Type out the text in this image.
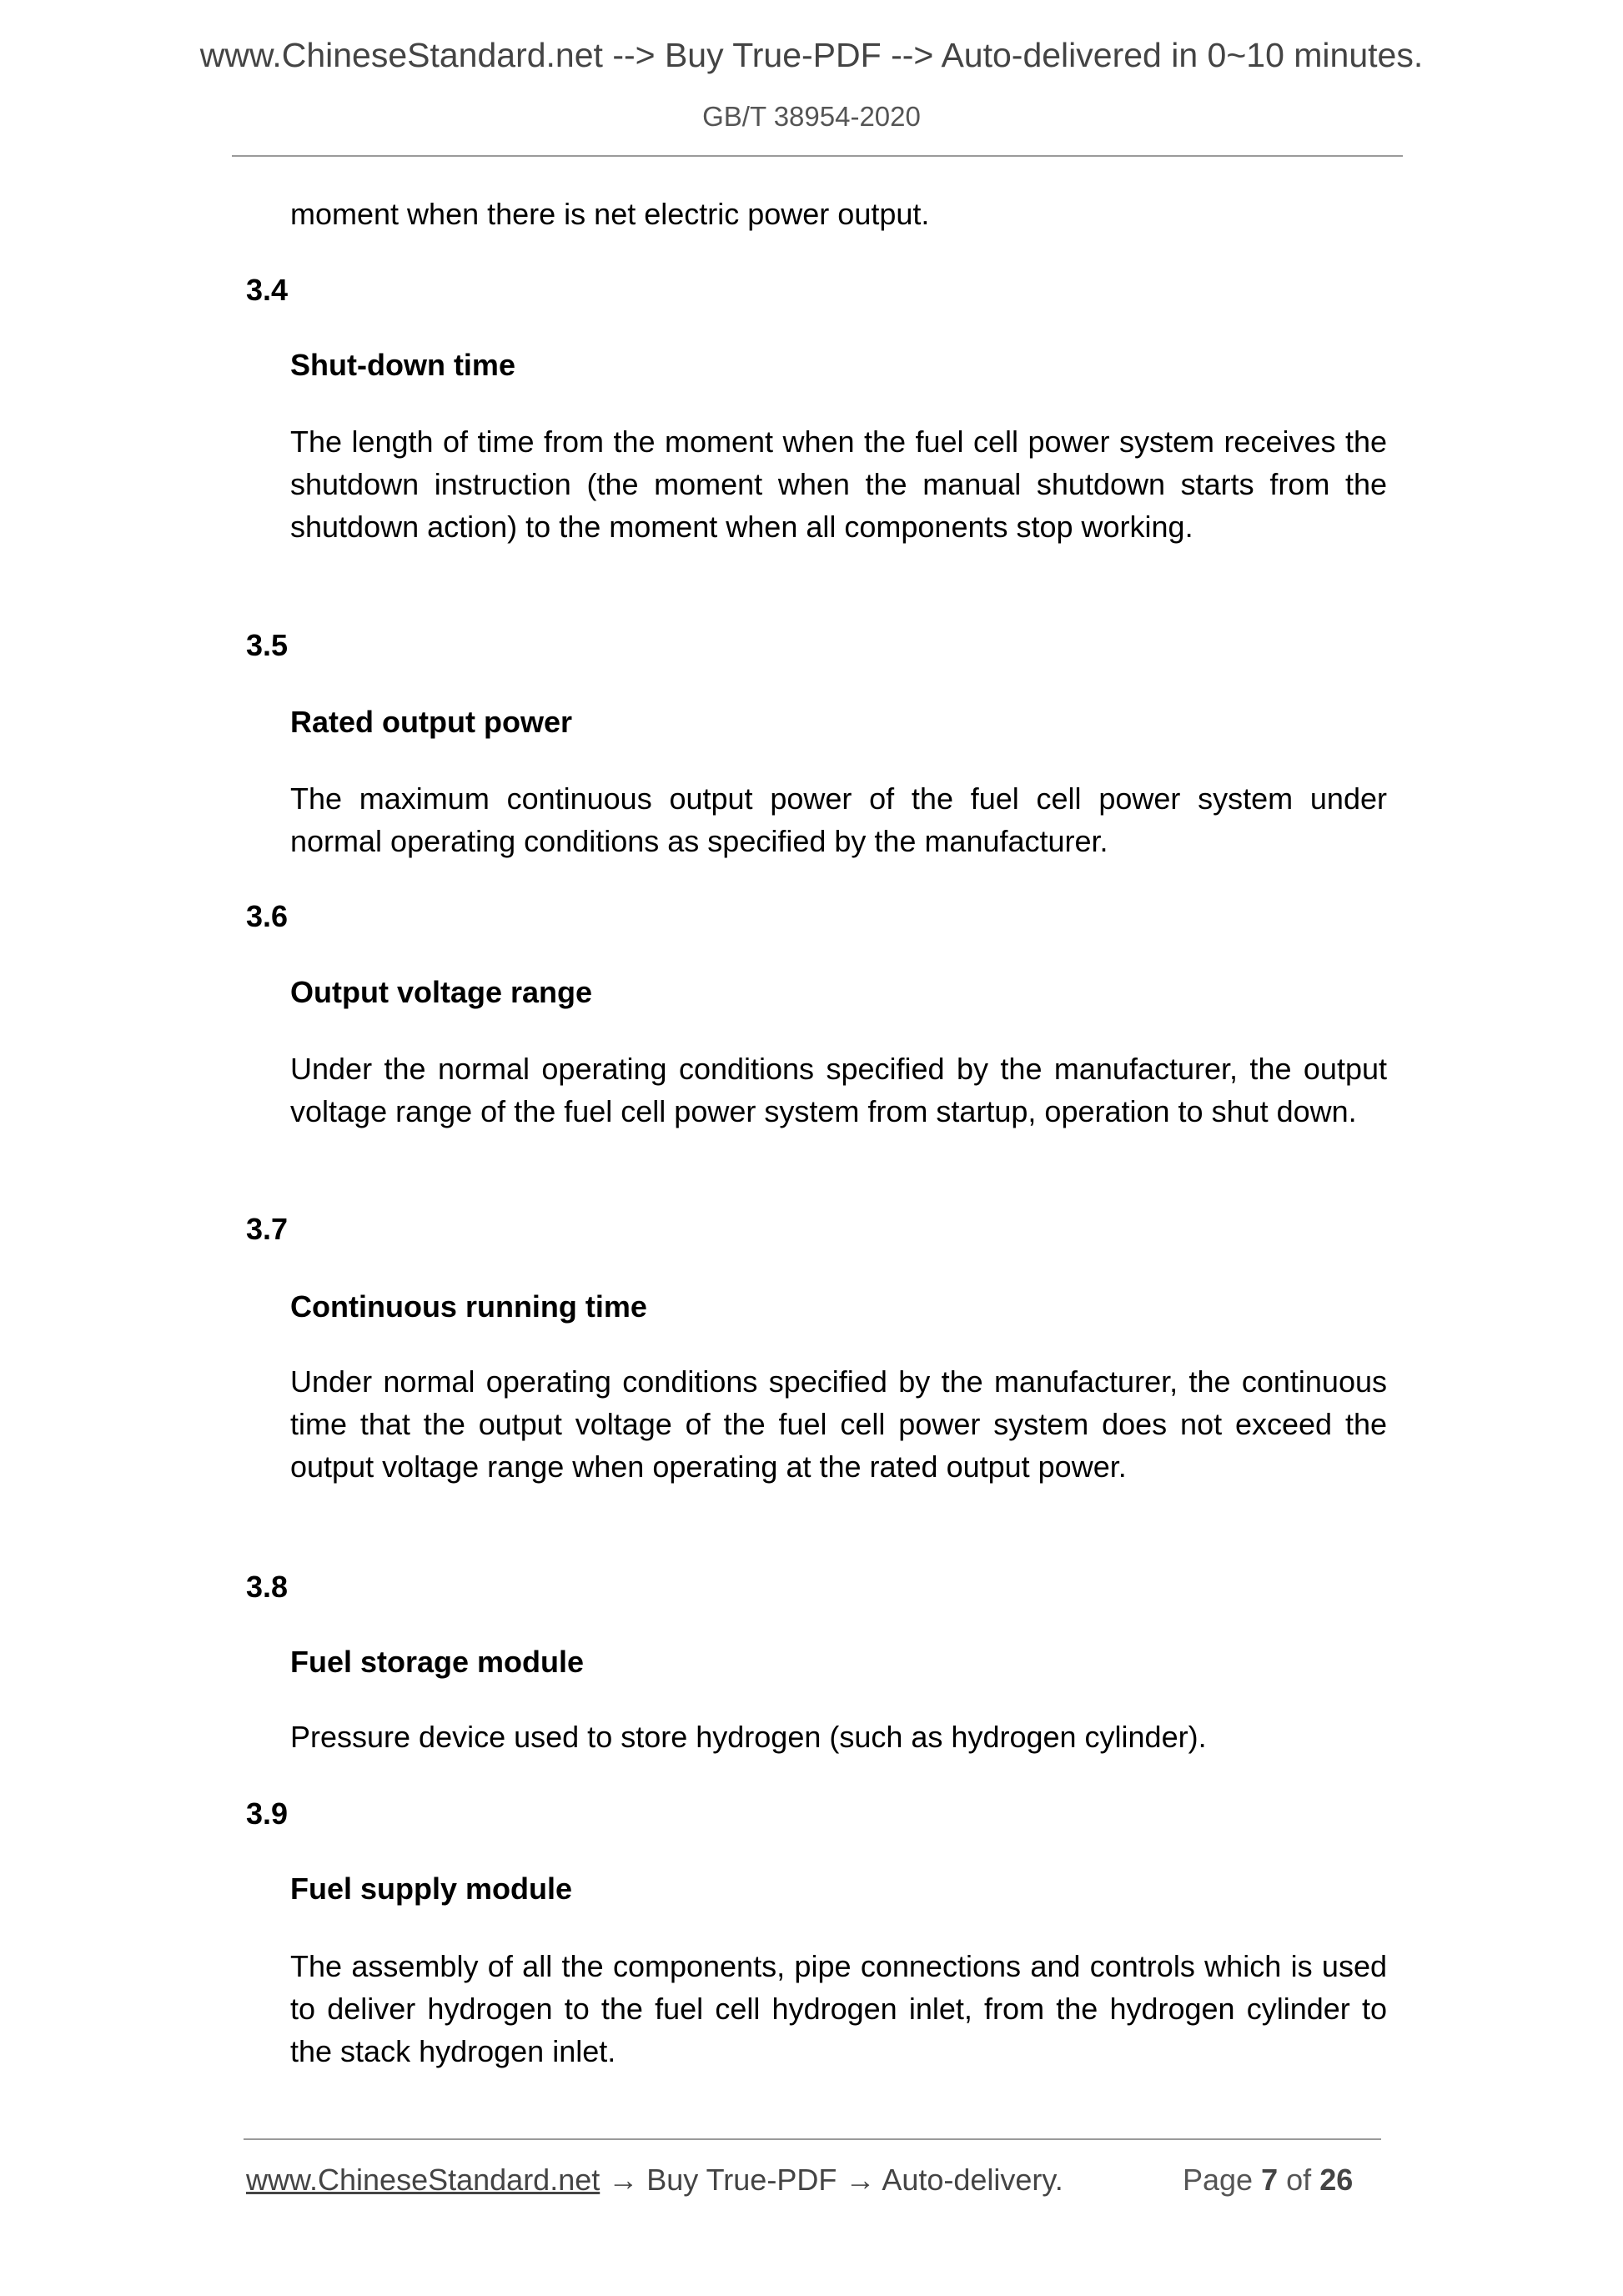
www.ChineseStandard.net --> Buy True-PDF --> Auto-delivered in 0~10 minutes.
GB/T 38954-2020
moment when there is net electric power output.
3.4
Shut-down time
The length of time from the moment when the fuel cell power system receives the shutdown instruction (the moment when the manual shutdown starts from the shutdown action) to the moment when all components stop working.
3.5
Rated output power
The maximum continuous output power of the fuel cell power system under normal operating conditions as specified by the manufacturer.
3.6
Output voltage range
Under the normal operating conditions specified by the manufacturer, the output voltage range of the fuel cell power system from startup, operation to shut down.
3.7
Continuous running time
Under normal operating conditions specified by the manufacturer, the continuous time that the output voltage of the fuel cell power system does not exceed the output voltage range when operating at the rated output power.
3.8
Fuel storage module
Pressure device used to store hydrogen (such as hydrogen cylinder).
3.9
Fuel supply module
The assembly of all the components, pipe connections and controls which is used to deliver hydrogen to the fuel cell hydrogen inlet, from the hydrogen cylinder to the stack hydrogen inlet.
www.ChineseStandard.net → Buy True-PDF → Auto-delivery.	Page 7 of 26
